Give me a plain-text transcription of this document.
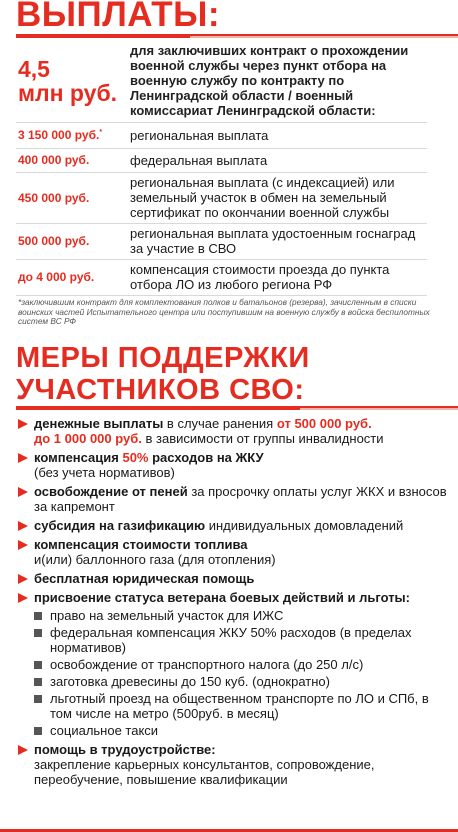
ВЫПЛАТЫ:
4,5
млн руб.	для заключивших контракт о прохождении военной службы через пункт отбора на военную службу по контракту по Ленинградской области / военный комиссариат Ленинградской области:
3 150 000 руб.*	региональная выплата
400 000 руб.	федеральная выплата
450 000 руб.	региональная выплата (с индексацией) или земельный участок в обмен на земельный сертификат по окончании военной службы
500 000 руб.	региональная выплата удостоенным госнаград за участие в СВО
до 4 000 руб.	компенсация стоимости проезда до пункта отбора ЛО из любого региона РФ
*заключившим контракт для комплектования полков и батальонов (резерва), зачисленным в списки воинских частей Испытательного центра или поступившим на военную службу в войска беспилотных систем ВС РФ
МЕРЫ ПОДДЕРЖКИ
УЧАСТНИКОВ СВО:
денежные выплаты в случае ранения от 500 000 руб.
до 1 000 000 руб. в зависимости от группы инвалидности
компенсация 50% расходов на ЖКУ
(без учета нормативов)
освобождение от пеней за просрочку оплаты услуг ЖКХ и взносов за капремонт
субсидия на газификацию индивидуальных домовладений
компенсация стоимости топлива
и(или) баллонного газа (для отопления)
бесплатная юридическая помощь
присвоение статуса ветерана боевых действий и льготы:
право на земельный участок для ИЖС
федеральная компенсация ЖКУ 50% расходов (в пределах нормативов)
освобождение от транспортного налога (до 250 л/с)
заготовка древесины до 150 куб. (однократно)
льготный проезд на общественном транспорте по ЛО и СПб, в том числе на метро (500руб. в месяц)
социальное такси
помощь в трудоустройстве:
закрепление карьерных консультантов, сопровождение, переобучение, повышение квалификации
